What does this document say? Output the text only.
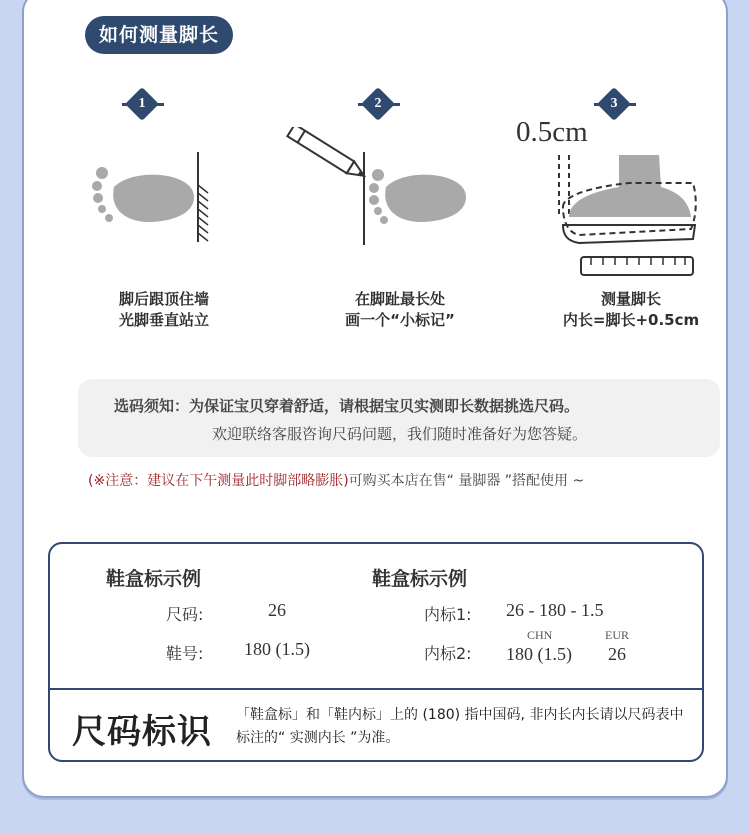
如何测量脚长
1
脚后跟顶住墙
光脚垂直站立
2
在脚趾最长处
画一个“小标记”
3
0.5cm
测量脚长
内长=脚长+0.5cm
选码须知：为保证宝贝穿着舒适，请根据宝贝实测即长数据挑选尺码。
欢迎联络客服咨询尺码问题，我们随时准备好为您答疑。
(※注意：建议在下午测量此时脚部略膨胀)可购买本店在售“ 量脚器 ”搭配使用 ~
鞋盒标示例
尺码:	26
鞋号: 180 (1.5)
鞋盒标示例
内标1: 26 - 180 - 1.5
内标2:
CHN
180 (1.5)
EUR
26
尺码标识 「鞋盒标」和「鞋内标」上的 (180) 指中国码, 非内长内长请以尺码表中标注的“ 实测内长 ”为准。
